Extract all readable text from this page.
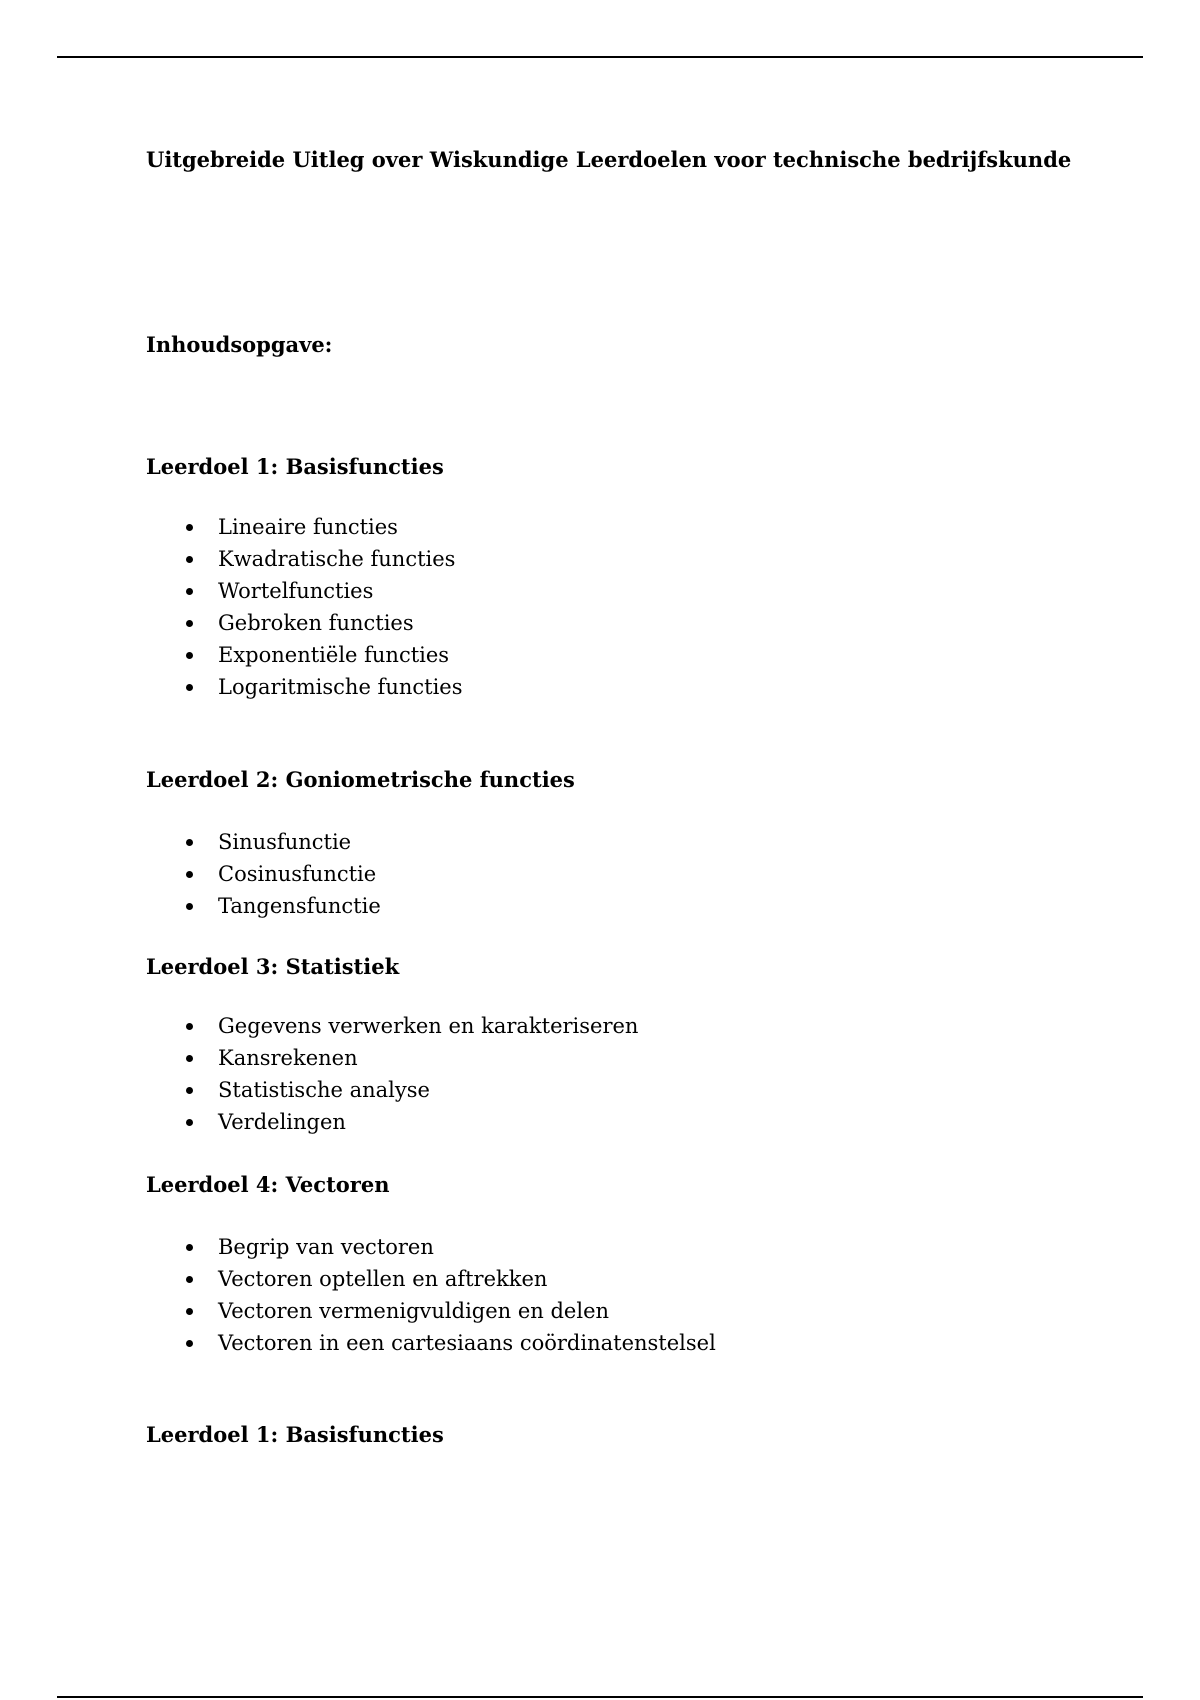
Uitgebreide Uitleg over Wiskundige Leerdoelen voor technische bedrijfskunde
Inhoudsopgave:
Leerdoel 1: Basisfuncties
Lineaire functies
Kwadratische functies
Wortelfuncties
Gebroken functies
Exponentiële functies
Logaritmische functies
Leerdoel 2: Goniometrische functies
Sinusfunctie
Cosinusfunctie
Tangensfunctie
Leerdoel 3: Statistiek
Gegevens verwerken en karakteriseren
Kansrekenen
Statistische analyse
Verdelingen
Leerdoel 4: Vectoren
Begrip van vectoren
Vectoren optellen en aftrekken
Vectoren vermenigvuldigen en delen
Vectoren in een cartesiaans coördinatenstelsel
Leerdoel 1: Basisfuncties
